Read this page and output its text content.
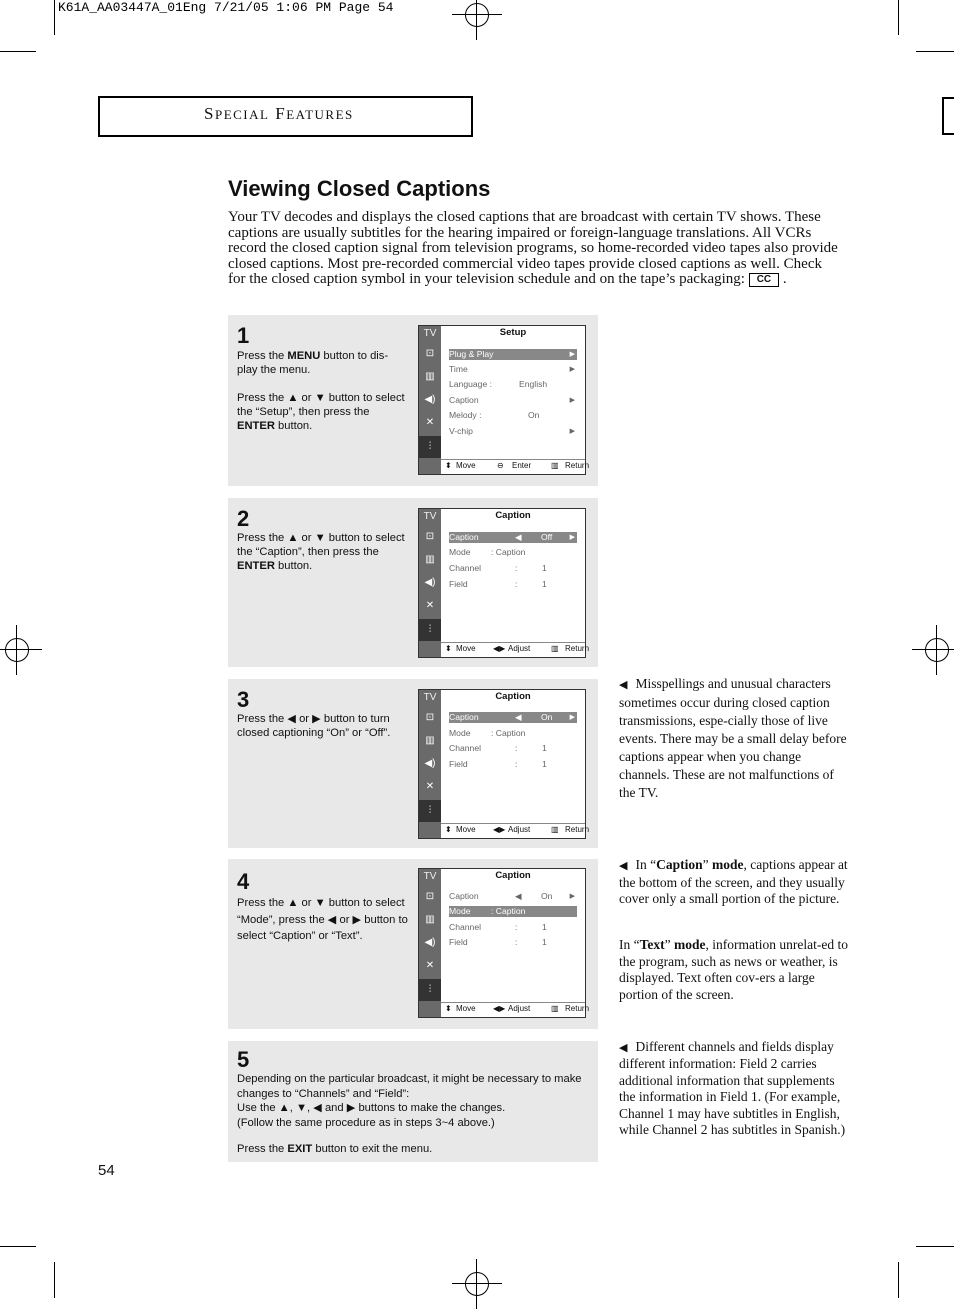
K61A_AA03447A_01Eng 7/21/05 1:06 PM Page 54
SPECIAL FEATURES
Viewing Closed Captions
Your TV decodes and displays the closed captions that are broadcast with certain TV shows. These captions are usually subtitles for the hearing impaired or foreign-language translations. All VCRs record the closed caption signal from television programs, so home-recorded video tapes also provide closed captions. Most pre-recorded commercial video tapes provide closed captions as well. Check for the closed caption symbol in your television schedule and on the tape’s packaging: CC .
1

Press the MENU button to dis-play the menu.

Press the ▲ or ▼ button to select the “Setup”, then press the ENTER button.

TV
⊡
▥
◀)
✕
⫶
Setup
Plug & Play	▶
Time	▶
Language :	English
Caption	▶
Melody :	On
V-chip	▶
⬍ Move	⊖ Enter ▥ Return
2

Press the ▲ or ▼ button to select the “Caption”, then press the ENTER button.

TV
⊡
▥
◀)
✕
⫶
Caption
Caption	◀ Off ▶
Mode : Caption
Channel	:	1
Field	:	1
⬍ Move ◀▶ Adjust	▥ Return
3

Press the ◀ or ▶ button to turn closed captioning “On” or “Off”.

TV
⊡
▥
◀)
✕
⫶
Caption
Caption	◀ On ▶
Mode : Caption
Channel	:	1
Field	:	1
⬍ Move ◀▶ Adjust	▥ Return
4

Press the ▲ or ▼ button to select “Mode”, press the ◀ or ▶ button to select “Caption” or “Text”.

TV
⊡
▥
◀)
✕
⫶
Caption
Caption	◀ On ▶
Mode : Caption
Channel	:	1
Field	:	1
⬍ Move ◀▶ Adjust	▥ Return
5
Depending on the particular broadcast, it might be necessary to make changes to “Channels” and “Field”:
Use the ▲, ▼, ◀ and ▶ buttons to make the changes.
(Follow the same procedure as in steps 3~4 above.)
Press the EXIT button to exit the menu.
◀ Misspellings and unusual characters sometimes occur during closed caption transmissions, espe-cially those of live events. There may be a small delay before captions appear when you change channels. These are not malfunctions of the TV.
◀ In “Caption” mode, captions appear at the bottom of the screen, and they usually cover only a small portion of the picture.
In “Text” mode, information unrelat-ed to the program, such as news or weather, is displayed. Text often cov-ers a large portion of the screen.
◀ Different channels and fields display different information: Field 2 carries additional information that supplements the information in Field 1. (For example, Channel 1 may have subtitles in English, while Channel 2 has subtitles in Spanish.)
54
